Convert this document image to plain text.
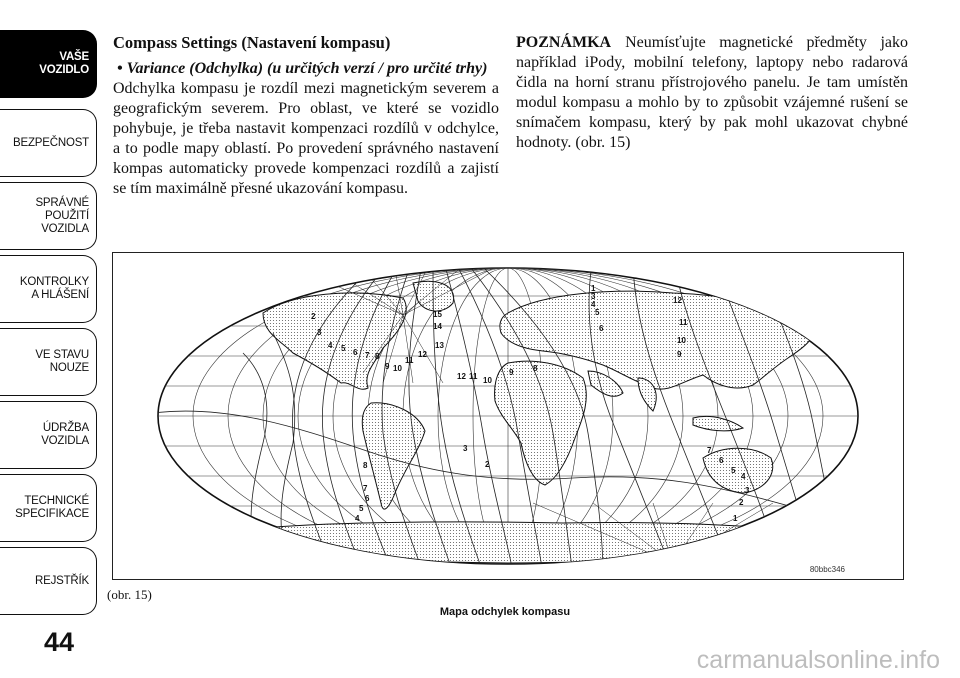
VAŠE
VOZIDLO
BEZPEČNOST
SPRÁVNÉ
POUŽITÍ
VOZIDLA
KONTROLKY
A HLÁŠENÍ
VE STAVU
NOUZE
ÚDRŽBA
VOZIDLA
TECHNICKÉ
SPECIFIKACE
REJSTŘÍK
44

Compass Settings (Nastavení kompasu)

• Variance (Odchylka) (u určitých verzí / pro určité trhy)

Odchylka kompasu je rozdíl mezi magnetickým severem a geografickým severem. Pro oblast, ve které se vozidlo pohybuje, je třeba nastavit kompenzaci rozdílů v odchylce, a to podle mapy oblastí. Po provedení správného nastavení kompas automaticky provede kompenzaci rozdílů a zajistí se tím maximálně přesné ukazování kompasu.

POZNÁMKA Neumísťujte magnetické předměty jako například iPody, mobilní telefony, laptopy nebo radarová čidla na horní stranu přístrojového panelu. Je tam umístěn modul kompasu a mohlo by to způsobit vzájemné rušení se snímačem kompasu, který by pak mohl ukazovat chybné hodnoty. (obr. 15)

2
3
4 5 6 7 8
9 10
11
12
13
14
15
1
3
4
5
6
12
11
10
9
8
7
6
5
4
3
2
1
12 11 10
9
8
7
6
5
4
3
2
80bbc346
(obr. 15)
Mapa odchylek kompasu
carmanualsonline.info
